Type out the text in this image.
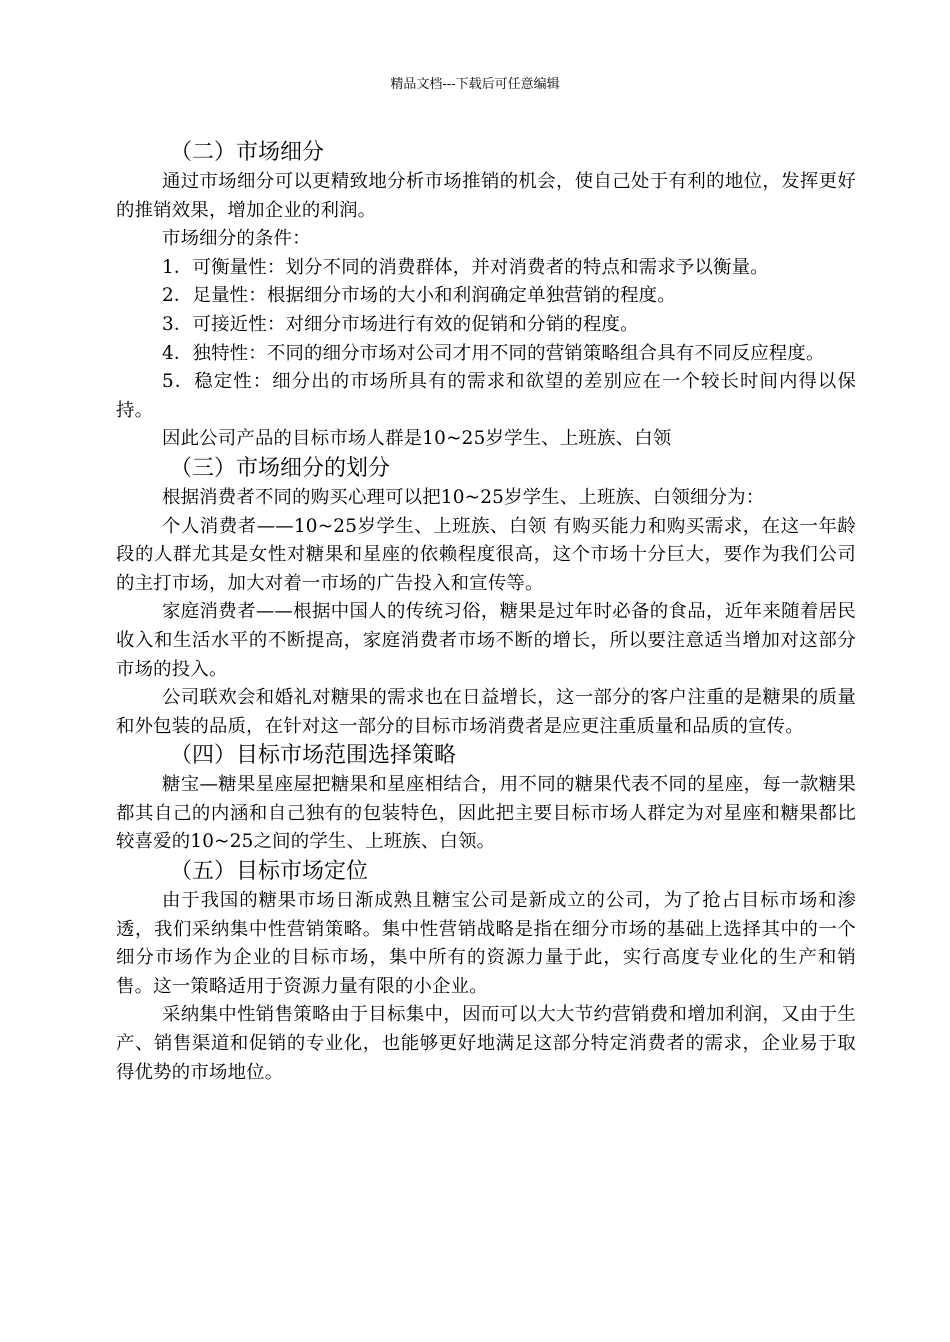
精品文档---下载后可任意编辑
（二）市场细分

通过市场细分可以更精致地分析市场推销的机会，使自己处于有利的地位，发挥更好的推销效果，增加企业的利润。

市场细分的条件：

1．可衡量性：划分不同的消费群体，并对消费者的特点和需求予以衡量。

2．足量性：根据细分市场的大小和利润确定单独营销的程度。

3．可接近性：对细分市场进行有效的促销和分销的程度。

4．独特性：不同的细分市场对公司才用不同的营销策略组合具有不同反应程度。

5．稳定性：细分出的市场所具有的需求和欲望的差别应在一个较长时间内得以保持。

因此公司产品的目标市场人群是10~25岁学生、上班族、白领

（三）市场细分的划分

根据消费者不同的购买心理可以把10~25岁学生、上班族、白领细分为：

个人消费者——10~25岁学生、上班族、白领 有购买能力和购买需求，在这一年龄段的人群尤其是女性对糖果和星座的依赖程度很高，这个市场十分巨大，要作为我们公司的主打市场，加大对着一市场的广告投入和宣传等。

家庭消费者——根据中国人的传统习俗，糖果是过年时必备的食品，近年来随着居民收入和生活水平的不断提高，家庭消费者市场不断的增长，所以要注意适当增加对这部分市场的投入。

公司联欢会和婚礼对糖果的需求也在日益增长，这一部分的客户注重的是糖果的质量和外包装的品质，在针对这一部分的目标市场消费者是应更注重质量和品质的宣传。

（四）目标市场范围选择策略

糖宝—糖果星座屋把糖果和星座相结合，用不同的糖果代表不同的星座，每一款糖果都其自己的内涵和自己独有的包装特色，因此把主要目标市场人群定为对星座和糖果都比较喜爱的10~25之间的学生、上班族、白领。

（五）目标市场定位

由于我国的糖果市场日渐成熟且糖宝公司是新成立的公司，为了抢占目标市场和渗透，我们采纳集中性营销策略。集中性营销战略是指在细分市场的基础上选择其中的一个细分市场作为企业的目标市场，集中所有的资源力量于此，实行高度专业化的生产和销售。这一策略适用于资源力量有限的小企业。

采纳集中性销售策略由于目标集中，因而可以大大节约营销费和增加利润，又由于生产、销售渠道和促销的专业化，也能够更好地满足这部分特定消费者的需求，企业易于取得优势的市场地位。
